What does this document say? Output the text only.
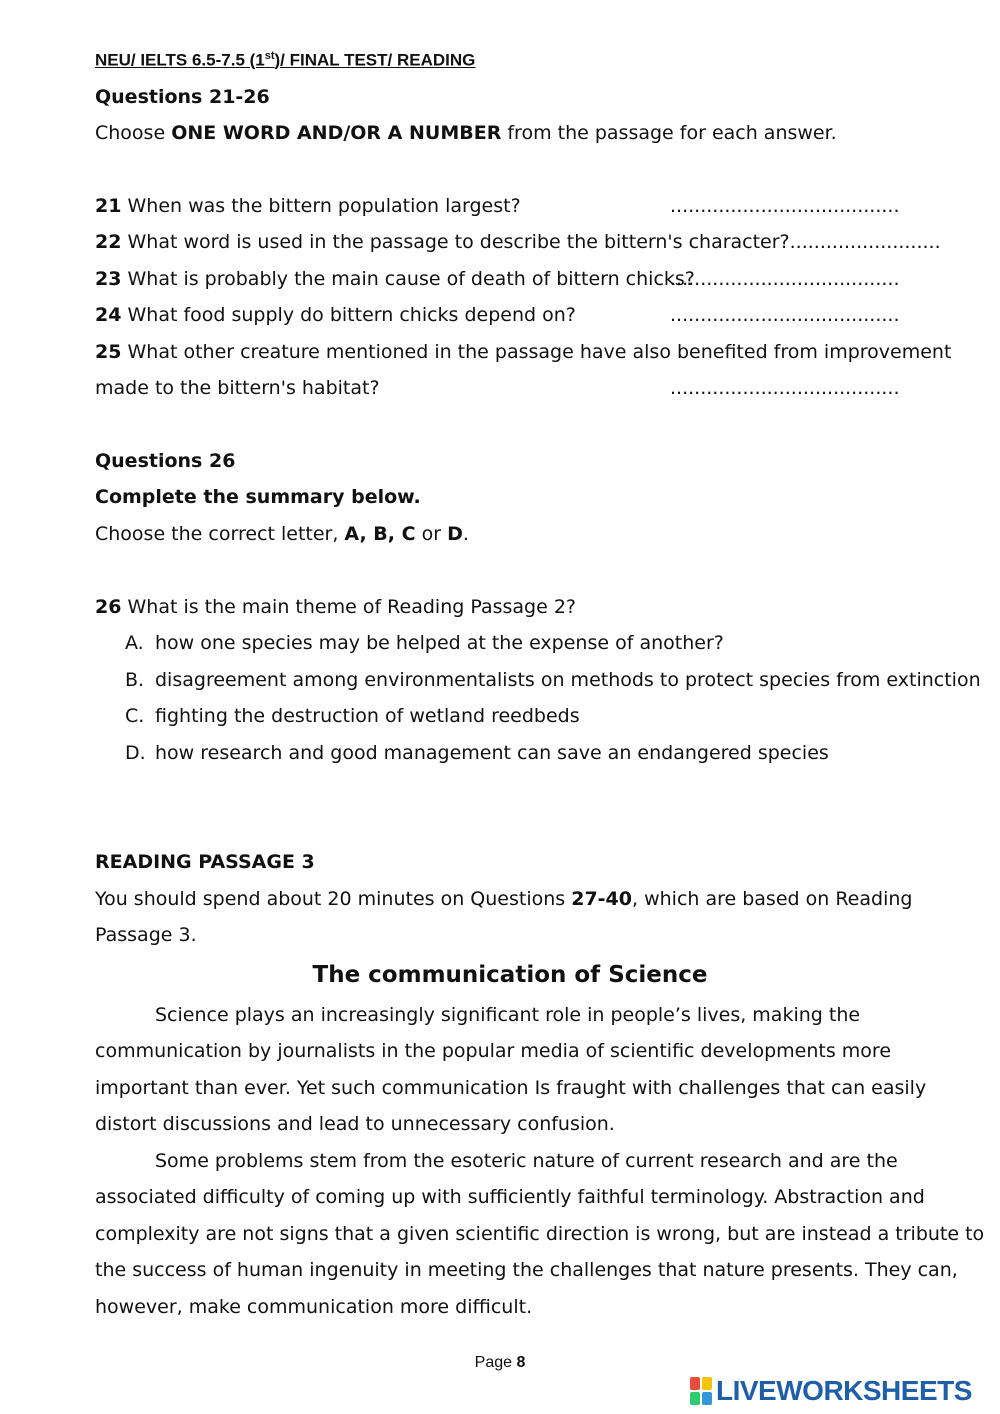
NEU/ IELTS 6.5-7.5 (1st)/ FINAL TEST/ READING
Questions 21-26
Choose ONE WORD AND/OR A NUMBER from the passage for each answer.
21 When was the bittern population largest?	......................................
22 What word is used in the passage to describe the bittern's character?.........................
23 What is probably the main cause of death of bittern chicks?
......................................
24 What food supply do bittern chicks depend on?	......................................
25 What other creature mentioned in the passage have also benefited from improvement
made to the bittern's habitat?	......................................
Questions 26
Complete the summary below.
Choose the correct letter, A, B, C or D.
26 What is the main theme of Reading Passage 2?
A. how one species may be helped at the expense of another?
B. disagreement among environmentalists on methods to protect species from extinction
C. fighting the destruction of wetland reedbeds
D. how research and good management can save an endangered species
READING PASSAGE 3
You should spend about 20 minutes on Questions 27-40, which are based on Reading
Passage 3.
The communication of Science
Science plays an increasingly significant role in people’s lives, making the
communication by journalists in the popular media of scientific developments more
important than ever. Yet such communication Is fraught with challenges that can easily
distort discussions and lead to unnecessary confusion.
Some problems stem from the esoteric nature of current research and are the
associated difficulty of coming up with sufficiently faithful terminology. Abstraction and
complexity are not signs that a given scientific direction is wrong, but are instead a tribute to
the success of human ingenuity in meeting the challenges that nature presents. They can,
however, make communication more difficult.
Page 8
LIVEWORKSHEETS
